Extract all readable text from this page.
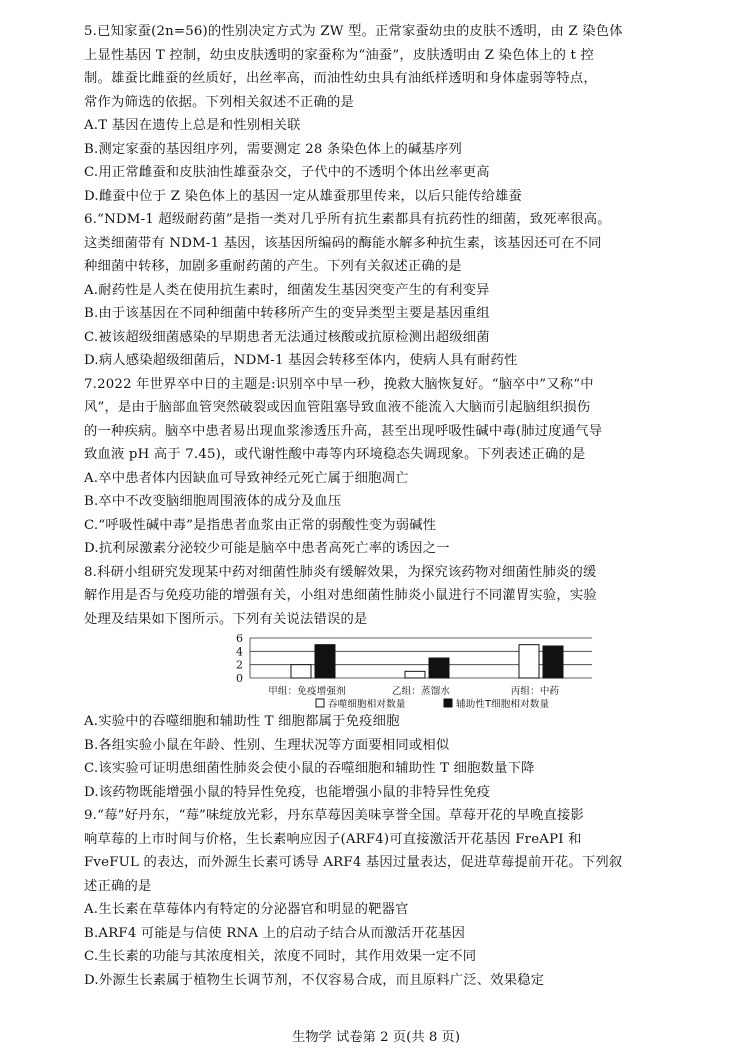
5.已知家蚕(2n=56)的性别决定方式为 ZW 型。正常家蚕幼虫的皮肤不透明，由 Z 染色体

上显性基因 T 控制，幼虫皮肤透明的家蚕称为“油蚕”，皮肤透明由 Z 染色体上的 t 控

制。雄蚕比雌蚕的丝质好，出丝率高，而油性幼虫具有油纸样透明和身体虚弱等特点，

常作为筛选的依据。下列相关叙述不正确的是

A.T 基因在遗传上总是和性别相关联

B.测定家蚕的基因组序列，需要测定 28 条染色体上的碱基序列

C.用正常雌蚕和皮肤油性雄蚕杂交，子代中的不透明个体出丝率更高

D.雌蚕中位于 Z 染色体上的基因一定从雄蚕那里传来，以后只能传给雄蚕

6.“NDM-1 超级耐药菌”是指一类对几乎所有抗生素都具有抗药性的细菌，致死率很高。

这类细菌带有 NDM-1 基因，该基因所编码的酶能水解多种抗生素，该基因还可在不同

种细菌中转移，加剧多重耐药菌的产生。下列有关叙述正确的是

A.耐药性是人类在使用抗生素时，细菌发生基因突变产生的有利变异

B.由于该基因在不同种细菌中转移所产生的变异类型主要是基因重组

C.被该超级细菌感染的早期患者无法通过核酸或抗原检测出超级细菌

D.病人感染超级细菌后，NDM-1 基因会转移至体内，使病人具有耐药性

7.2022 年世界卒中日的主题是:识别卒中早一秒，挽救大脑恢复好。“脑卒中”又称“中

风”，是由于脑部血管突然破裂或因血管阻塞导致血液不能流入大脑而引起脑组织损伤

的一种疾病。脑卒中患者易出现血浆渗透压升高，甚至出现呼吸性碱中毒(肺过度通气导

致血液 pH 高于 7.45)，或代谢性酸中毒等内环境稳态失调现象。下列表述正确的是

A.卒中患者体内因缺血可导致神经元死亡属于细胞凋亡

B.卒中不改变脑细胞周围液体的成分及血压

C.“呼吸性碱中毒”是指患者血浆由正常的弱酸性变为弱碱性

D.抗利尿激素分泌较少可能是脑卒中患者高死亡率的诱因之一

8.科研小组研究发现某中药对细菌性肺炎有缓解效果，为探究该药物对细菌性肺炎的缓

解作用是否与免疫功能的增强有关，小组对患细菌性肺炎小鼠进行不同灌胃实验，实验

处理及结果如下图所示。下列有关说法错误的是

6
4
2
0
甲组：免疫增强剂	乙组：蒸馏水	丙组：中药
吞噬细胞相对数量	辅助性T细胞相对数量

A.实验中的吞噬细胞和辅助性 T 细胞都属于免疫细胞

B.各组实验小鼠在年龄、性别、生理状况等方面要相同或相似

C.该实验可证明患细菌性肺炎会使小鼠的吞噬细胞和辅助性 T 细胞数量下降

D.该药物既能增强小鼠的特异性免疫，也能增强小鼠的非特异性免疫

9.“莓”好丹东，“莓”味绽放光彩，丹东草莓因美味享誉全国。草莓开花的早晚直接影

响草莓的上市时间与价格，生长素响应因子(ARF4)可直接激活开花基因 FreAPI 和

FveFUL 的表达，而外源生长素可诱导 ARF4 基因过量表达，促进草莓提前开花。下列叙

述正确的是

A.生长素在草莓体内有特定的分泌器官和明显的靶器官

B.ARF4 可能是与信使 RNA 上的启动子结合从而激活开花基因

C.生长素的功能与其浓度相关，浓度不同时，其作用效果一定不同

D.外源生长素属于植物生长调节剂，不仅容易合成，而且原料广泛、效果稳定

生物学 试卷第 2 页(共 8 页)
